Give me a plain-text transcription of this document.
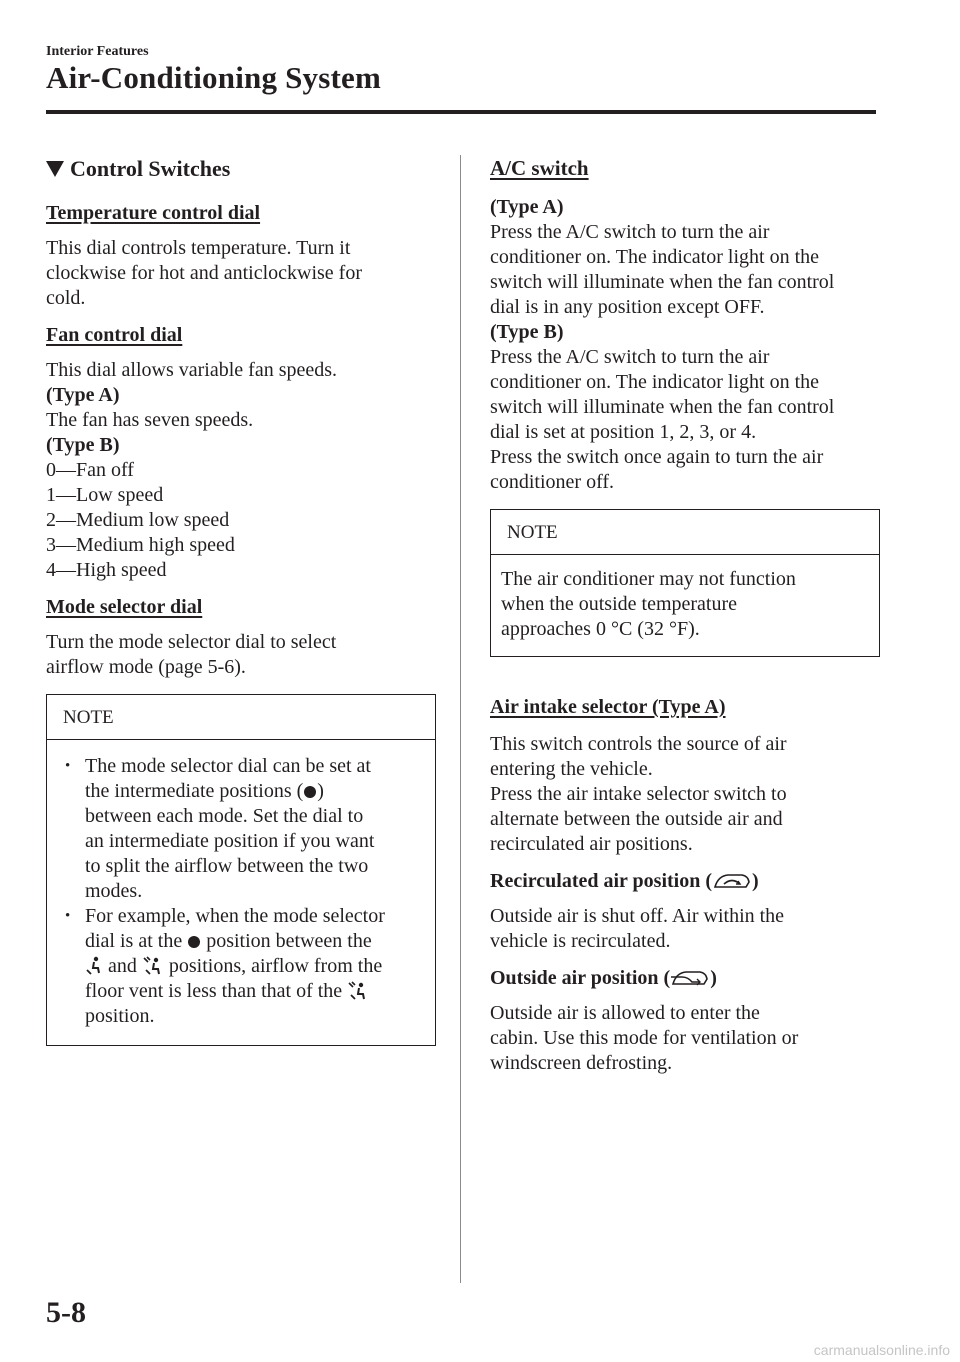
Interior Features
Air-Conditioning System
Control Switches

Temperature control dial

This dial controls temperature. Turn it

clockwise for hot and anticlockwise for

cold.

Fan control dial

This dial allows variable fan speeds.

(Type A)

The fan has seven speeds.

(Type B)

0—Fan off

1—Low speed

2—Medium low speed

3—Medium high speed

4—High speed

Mode selector dial

Turn the mode selector dial to select

airflow mode (page 5-6).

NOTE
• The mode selector dial can be set at
the intermediate positions ( )
between each mode. Set the dial to
an intermediate position if you want
to split the airflow between the two
modes.
• For example, when the mode selector
dial is at the position between the
and positions, airflow from the
floor vent is less than that of the
position.

A/C switch

(Type A)

Press the A/C switch to turn the air

conditioner on. The indicator light on the

switch will illuminate when the fan control

dial is in any position except OFF.

(Type B)

Press the A/C switch to turn the air

conditioner on. The indicator light on the

switch will illuminate when the fan control

dial is set at position 1, 2, 3, or 4.

Press the switch once again to turn the air

conditioner off.

NOTE

The air conditioner may not function

when the outside temperature

approaches 0 °C (32 °F).

Air intake selector (Type A)

This switch controls the source of air

entering the vehicle.

Press the air intake selector switch to

alternate between the outside air and

recirculated air positions.

Recirculated air position ( )

Outside air is shut off. Air within the

vehicle is recirculated.

Outside air position ( )

Outside air is allowed to enter the

cabin. Use this mode for ventilation or

windscreen defrosting.

5-8
carmanualsonline.info
